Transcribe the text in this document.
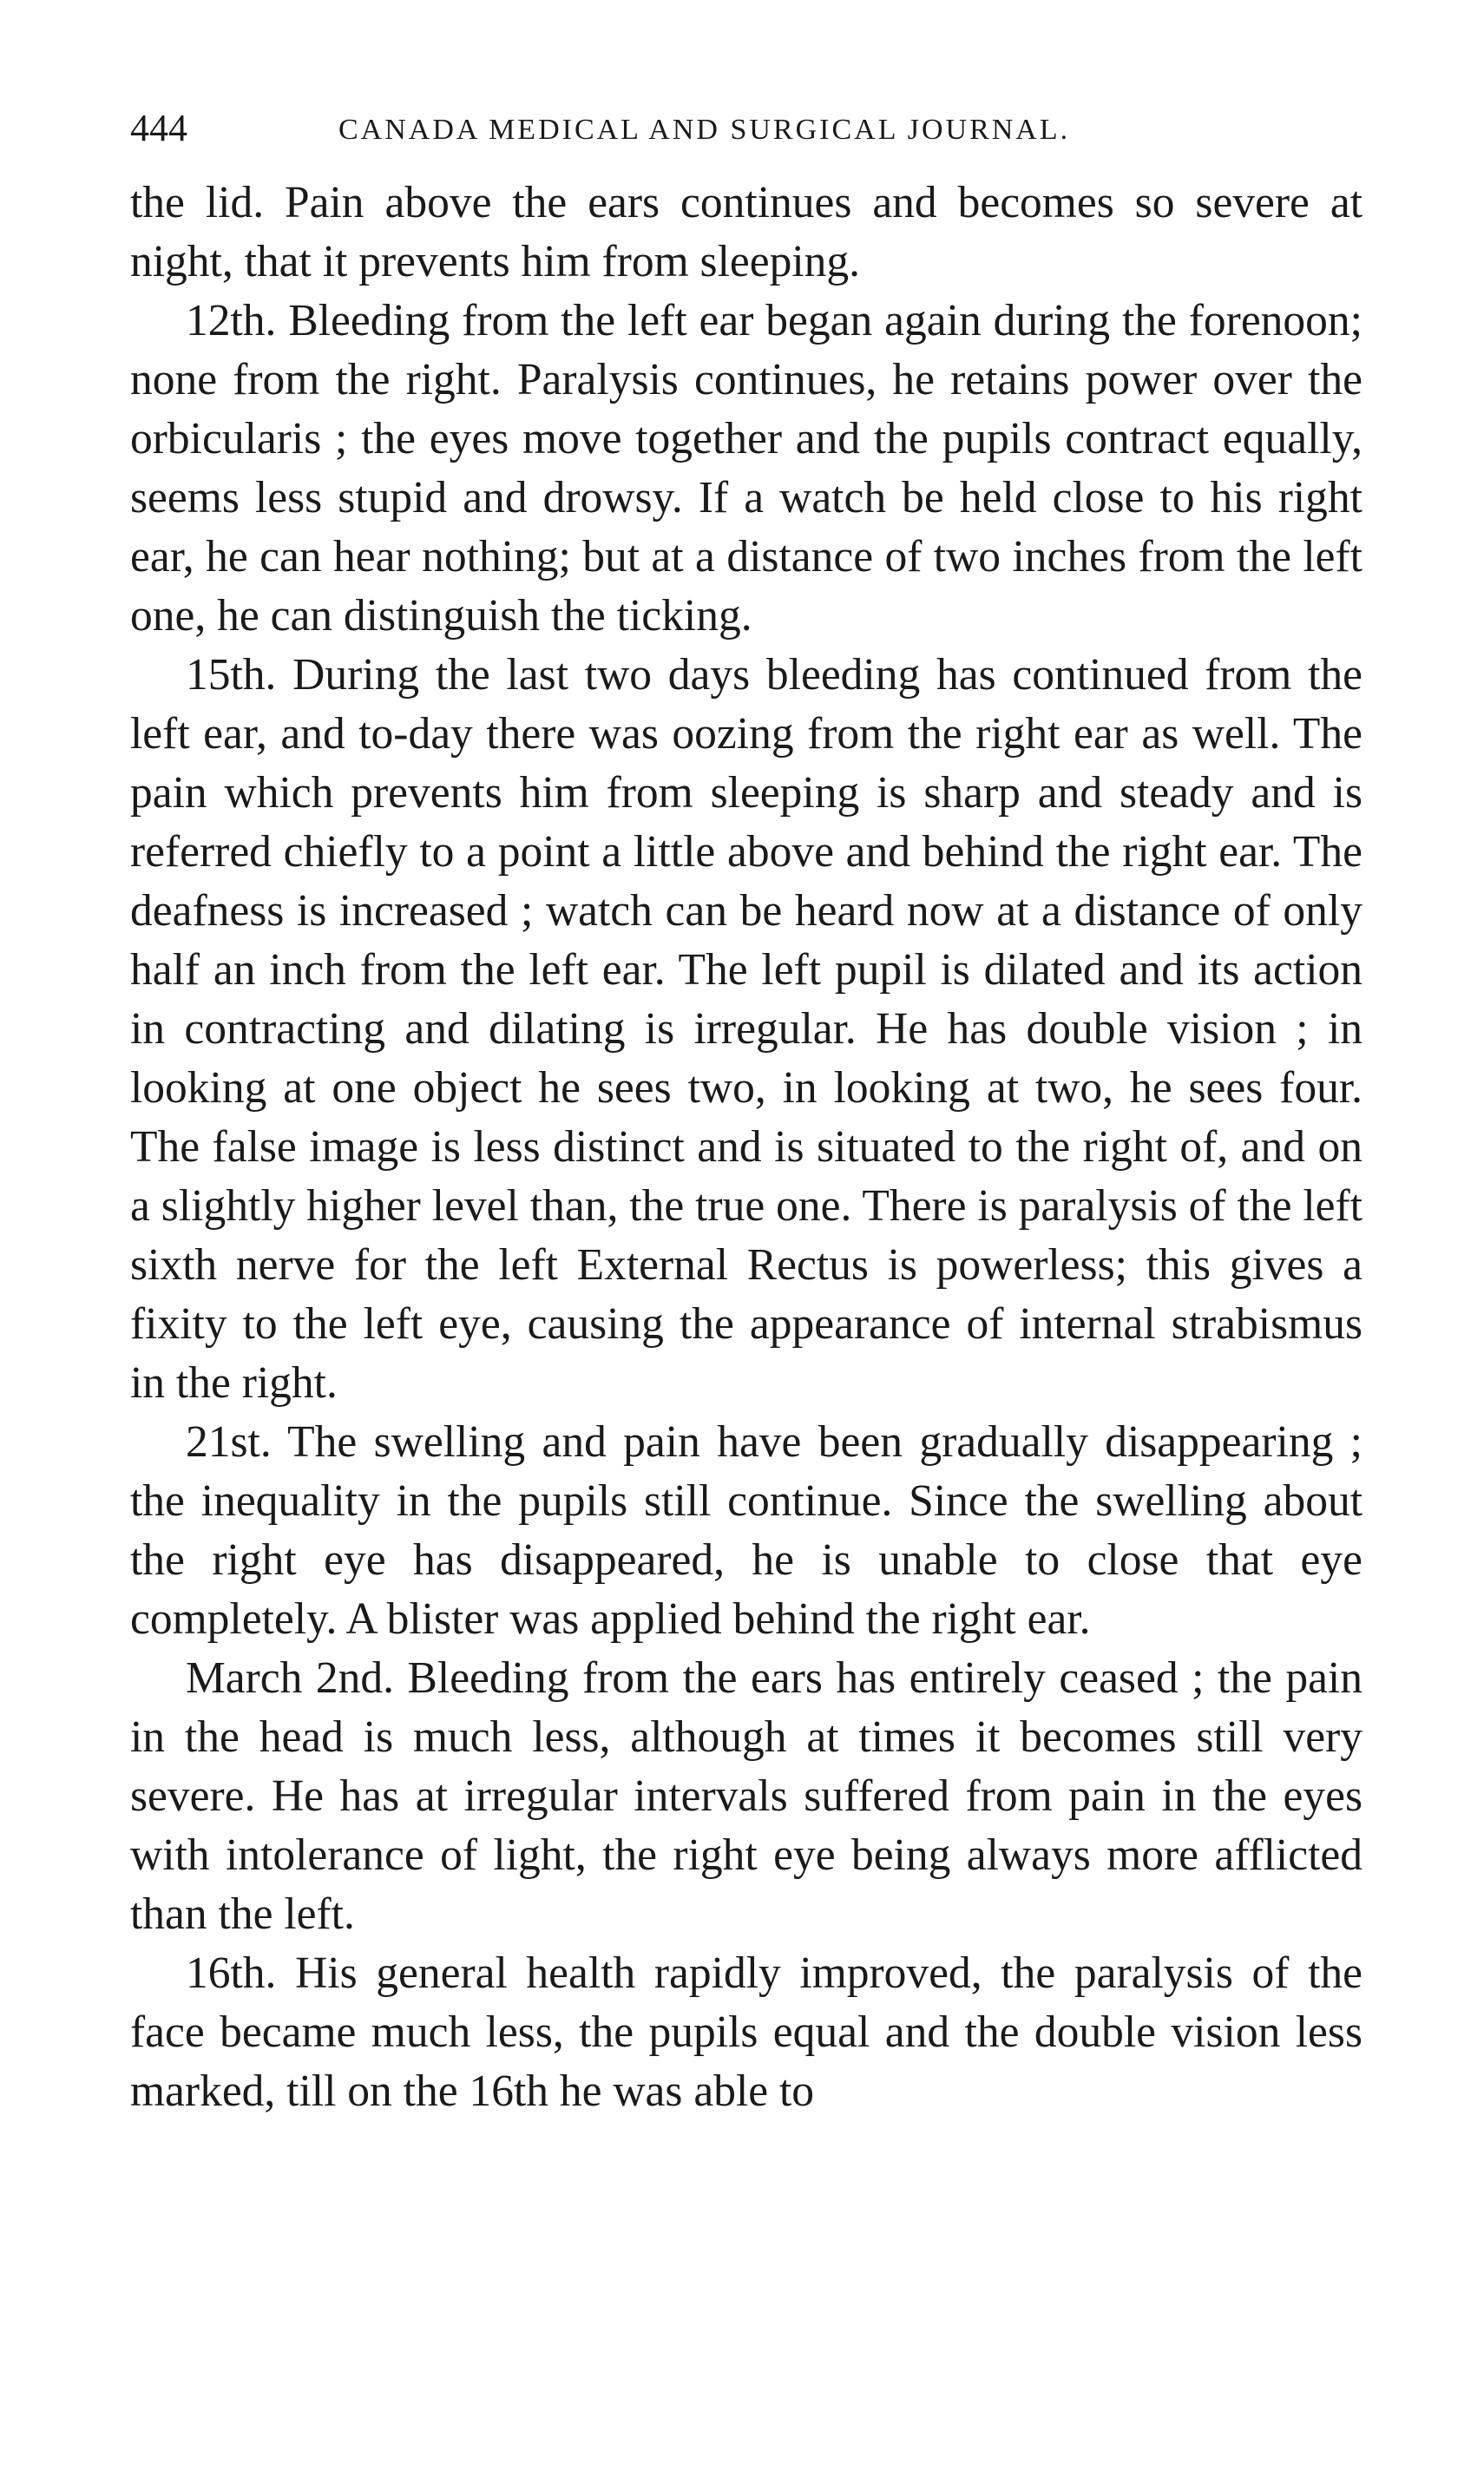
444	CANADA MEDICAL AND SURGICAL JOURNAL.

the lid. Pain above the ears continues and becomes so severe at night, that it prevents him from sleeping.

12th. Bleeding from the left ear began again during the forenoon; none from the right. Paralysis continues, he retains power over the orbicularis ; the eyes move together and the pupils contract equally, seems less stupid and drowsy. If a watch be held close to his right ear, he can hear nothing; but at a distance of two inches from the left one, he can distinguish the ticking.

15th. During the last two days bleeding has continued from the left ear, and to-day there was oozing from the right ear as well. The pain which prevents him from sleeping is sharp and steady and is referred chiefly to a point a little above and behind the right ear. The deafness is increased ; watch can be heard now at a distance of only half an inch from the left ear. The left pupil is dilated and its action in contracting and dilating is irregular. He has double vision ; in looking at one object he sees two, in looking at two, he sees four. The false image is less distinct and is situated to the right of, and on a slightly higher level than, the true one. There is paralysis of the left sixth nerve for the left External Rectus is powerless; this gives a fixity to the left eye, causing the appearance of internal strabismus in the right.

21st. The swelling and pain have been gradually disappearing ; the inequality in the pupils still continue. Since the swelling about the right eye has disappeared, he is unable to close that eye completely. A blister was applied behind the right ear.

March 2nd. Bleeding from the ears has entirely ceased ; the pain in the head is much less, although at times it becomes still very severe. He has at irregular intervals suffered from pain in the eyes with intolerance of light, the right eye being always more afflicted than the left.

16th. His general health rapidly improved, the paralysis of the face became much less, the pupils equal and the double vision less marked, till on the 16th he was able to
